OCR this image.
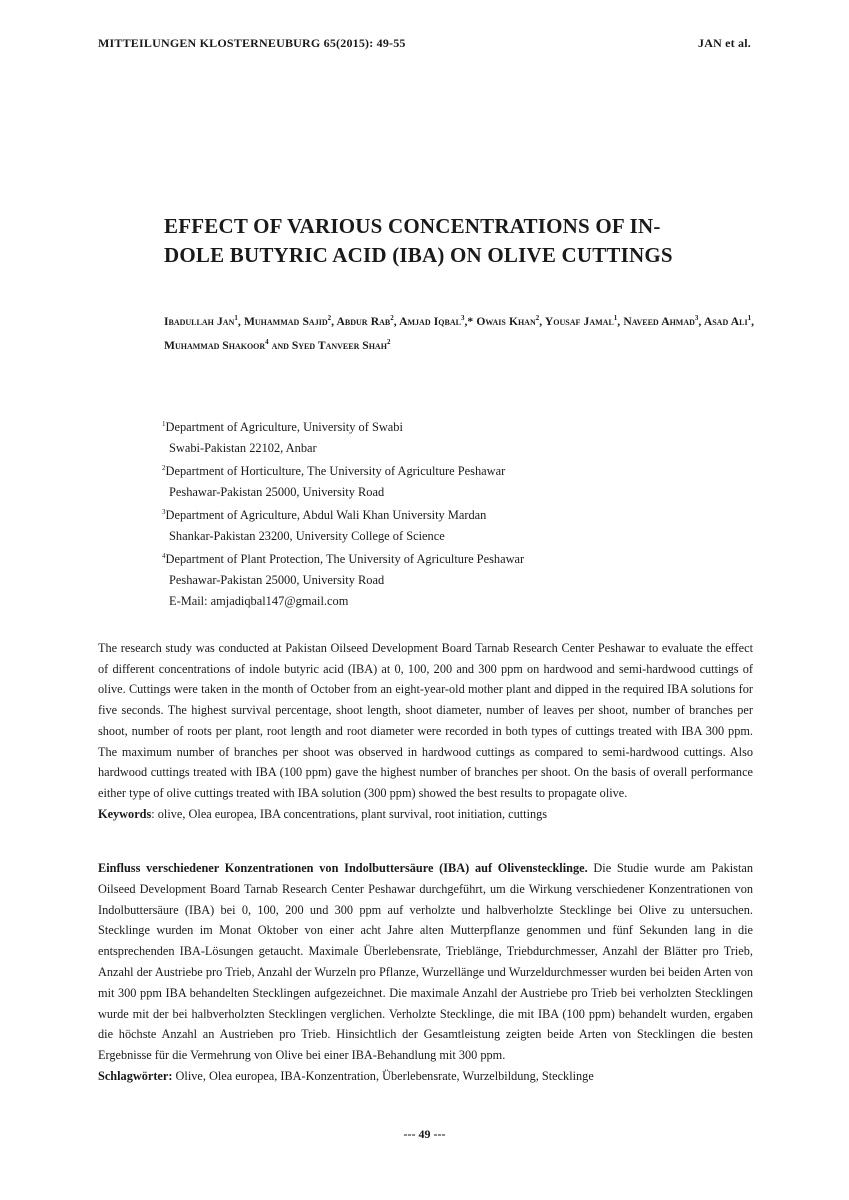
MITTEILUNGEN KLOSTERNEUBURG 65(2015): 49-55	JAN et al.
EFFECT OF VARIOUS CONCENTRATIONS OF IN-
DOLE BUTYRIC ACID (IBA) ON OLIVE CUTTINGS

Ibadullah Jan$^1$, Muhammad Sajid$^2$, Abdur Rab$^2$, Amjad Iqbal$^3$,* Owais Khan$^2$, Yousaf Jamal$^1$, Naveed Ahmad$^3$, Asad Ali$^1$, Muhammad Shakoor$^4$ and Syed Tanveer Shah$^2$

$^1$Department of Agriculture, University of Swabi
Swabi-Pakistan 22102, Anbar
$^2$Department of Horticulture, The University of Agriculture Peshawar
Peshawar-Pakistan 25000, University Road
$^3$Department of Agriculture, Abdul Wali Khan University Mardan
Shankar-Pakistan 23200, University College of Science
$^4$Department of Plant Protection, The University of Agriculture Peshawar
Peshawar-Pakistan 25000, University Road
E-Mail: amjadiqbal147@gmail.com

The research study was conducted at Pakistan Oilseed Development Board Tarnab Research Center Peshawar to evaluate the effect of different concentrations of indole butyric acid (IBA) at 0, 100, 200 and 300 ppm on hardwood and semi-hardwood cuttings of olive. Cuttings were taken in the month of October from an eight-year-old mother plant and dipped in the required IBA solutions for five seconds. The highest survival percentage, shoot length, shoot diameter, number of leaves per shoot, number of branches per shoot, number of roots per plant, root length and root diameter were recorded in both types of cuttings treated with IBA 300 ppm. The maximum number of branches per shoot was observed in hardwood cuttings as compared to semi-hardwood cuttings. Also hardwood cuttings treated with IBA (100 ppm) gave the highest number of branches per shoot. On the basis of overall performance either type of olive cuttings treated with IBA solution (300 ppm) showed the best results to propagate olive.

Keywords: olive, Olea europea, IBA concentrations, plant survival, root initiation, cuttings

Einfluss verschiedener Konzentrationen von Indolbuttersäure (IBA) auf Olivenstecklinge. Die Studie wurde am Pakistan Oilseed Development Board Tarnab Research Center Peshawar durchgeführt, um die Wirkung verschiedener Konzentrationen von Indolbuttersäure (IBA) bei 0, 100, 200 und 300 ppm auf verholzte und halbverholzte Stecklinge bei Olive zu untersuchen. Stecklinge wurden im Monat Oktober von einer acht Jahre alten Mutterpflanze genommen und fünf Sekunden lang in die entsprechenden IBA-Lösungen getaucht. Maximale Überlebensrate, Trieblänge, Triebdurchmesser, Anzahl der Blätter pro Trieb, Anzahl der Austriebe pro Trieb, Anzahl der Wurzeln pro Pflanze, Wurzellänge und Wurzeldurchmesser wurden bei beiden Arten von mit 300 ppm IBA behandelten Stecklingen aufgezeichnet. Die maximale Anzahl der Austriebe pro Trieb bei verholzten Stecklingen wurde mit der bei halbverholzten Stecklingen verglichen. Verholzte Stecklinge, die mit IBA (100 ppm) behandelt wurden, ergaben die höchste Anzahl an Austrieben pro Trieb. Hinsichtlich der Gesamtleistung zeigten beide Arten von Stecklingen die besten Ergebnisse für die Vermehrung von Olive bei einer IBA-Behandlung mit 300 ppm.

Schlagwörter: Olive, Olea europea, IBA-Konzentration, Überlebensrate, Wurzelbildung, Stecklinge

--- 49 ---
